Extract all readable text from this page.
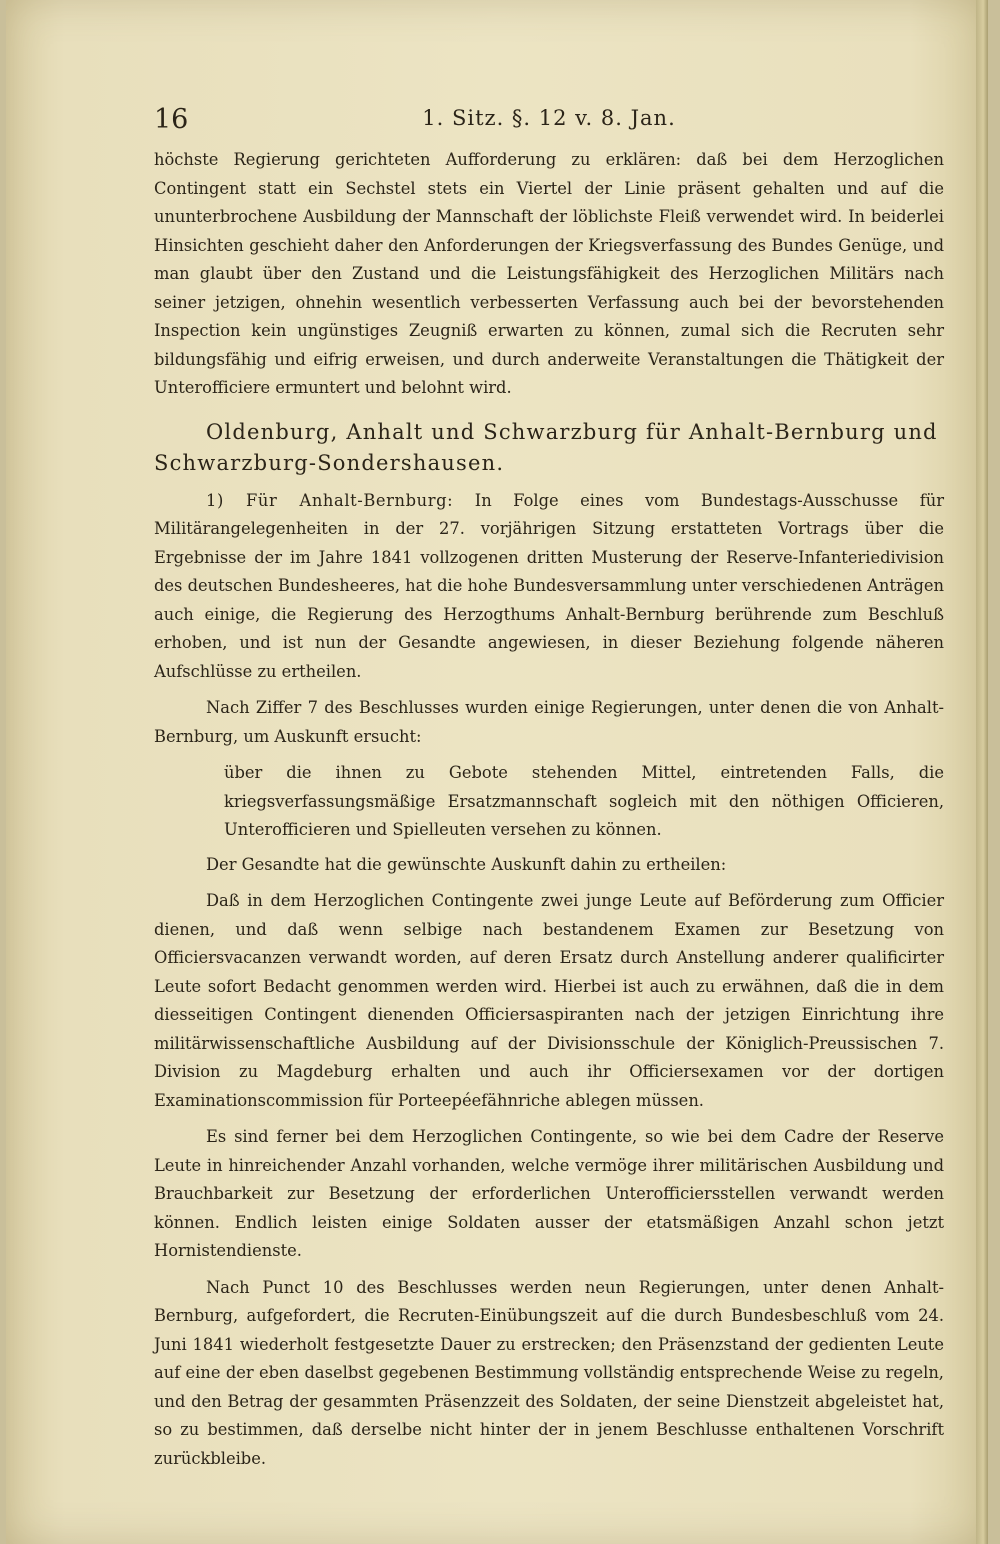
16	1. Sitz. §. 12 v. 8. Jan.

höchste Regierung gerichteten Aufforderung zu erklären: daß bei dem Herzoglichen Contingent statt ein Sechstel stets ein Viertel der Linie präsent gehalten und auf die ununterbrochene Ausbildung der Mannschaft der löblichste Fleiß verwendet wird. In beiderlei Hinsichten geschieht daher den Anforderungen der Kriegsverfassung des Bundes Genüge, und man glaubt über den Zustand und die Leistungsfähigkeit des Herzoglichen Militärs nach seiner jetzigen, ohnehin wesentlich verbesserten Verfassung auch bei der bevorstehenden Inspection kein ungünstiges Zeugniß erwarten zu können, zumal sich die Recruten sehr bildungsfähig und eifrig erweisen, und durch anderweite Veranstaltungen die Thätigkeit der Unterofficiere ermuntert und belohnt wird.

Oldenburg, Anhalt und Schwarzburg für Anhalt-Bernburg und Schwarzburg-Sondershausen.

1) Für Anhalt-Bernburg: In Folge eines vom Bundestags-Ausschusse für Militärangelegenheiten in der 27. vorjährigen Sitzung erstatteten Vortrags über die Ergebnisse der im Jahre 1841 vollzogenen dritten Musterung der Reserve-Infanteriedivision des deutschen Bundesheeres, hat die hohe Bundesversammlung unter verschiedenen Anträgen auch einige, die Regierung des Herzogthums Anhalt-Bernburg berührende zum Beschluß erhoben, und ist nun der Gesandte angewiesen, in dieser Beziehung folgende näheren Aufschlüsse zu ertheilen.

Nach Ziffer 7 des Beschlusses wurden einige Regierungen, unter denen die von Anhalt-Bernburg, um Auskunft ersucht:

über die ihnen zu Gebote stehenden Mittel, eintretenden Falls, die kriegsverfassungsmäßige Ersatzmannschaft sogleich mit den nöthigen Officieren, Unterofficieren und Spielleuten versehen zu können.

Der Gesandte hat die gewünschte Auskunft dahin zu ertheilen:

Daß in dem Herzoglichen Contingente zwei junge Leute auf Beförderung zum Officier dienen, und daß wenn selbige nach bestandenem Examen zur Besetzung von Officiersvacanzen verwandt worden, auf deren Ersatz durch Anstellung anderer qualificirter Leute sofort Bedacht genommen werden wird. Hierbei ist auch zu erwähnen, daß die in dem diesseitigen Contingent dienenden Officiersaspiranten nach der jetzigen Einrichtung ihre militärwissenschaftliche Ausbildung auf der Divisionsschule der Königlich-Preussischen 7. Division zu Magdeburg erhalten und auch ihr Officiersexamen vor der dortigen Examinationscommission für Porteepéefähnriche ablegen müssen.

Es sind ferner bei dem Herzoglichen Contingente, so wie bei dem Cadre der Reserve Leute in hinreichender Anzahl vorhanden, welche vermöge ihrer militärischen Ausbildung und Brauchbarkeit zur Besetzung der erforderlichen Unterofficiersstellen verwandt werden können. Endlich leisten einige Soldaten ausser der etatsmäßigen Anzahl schon jetzt Hornistendienste.

Nach Punct 10 des Beschlusses werden neun Regierungen, unter denen Anhalt-Bernburg, aufgefordert, die Recruten-Einübungszeit auf die durch Bundesbeschluß vom 24. Juni 1841 wiederholt festgesetzte Dauer zu erstrecken; den Präsenzstand der gedienten Leute auf eine der eben daselbst gegebenen Bestimmung vollständig entsprechende Weise zu regeln, und den Betrag der gesammten Präsenzzeit des Soldaten, der seine Dienstzeit abgeleistet hat, so zu bestimmen, daß derselbe nicht hinter der in jenem Beschlusse enthaltenen Vorschrift zurückbleibe.
